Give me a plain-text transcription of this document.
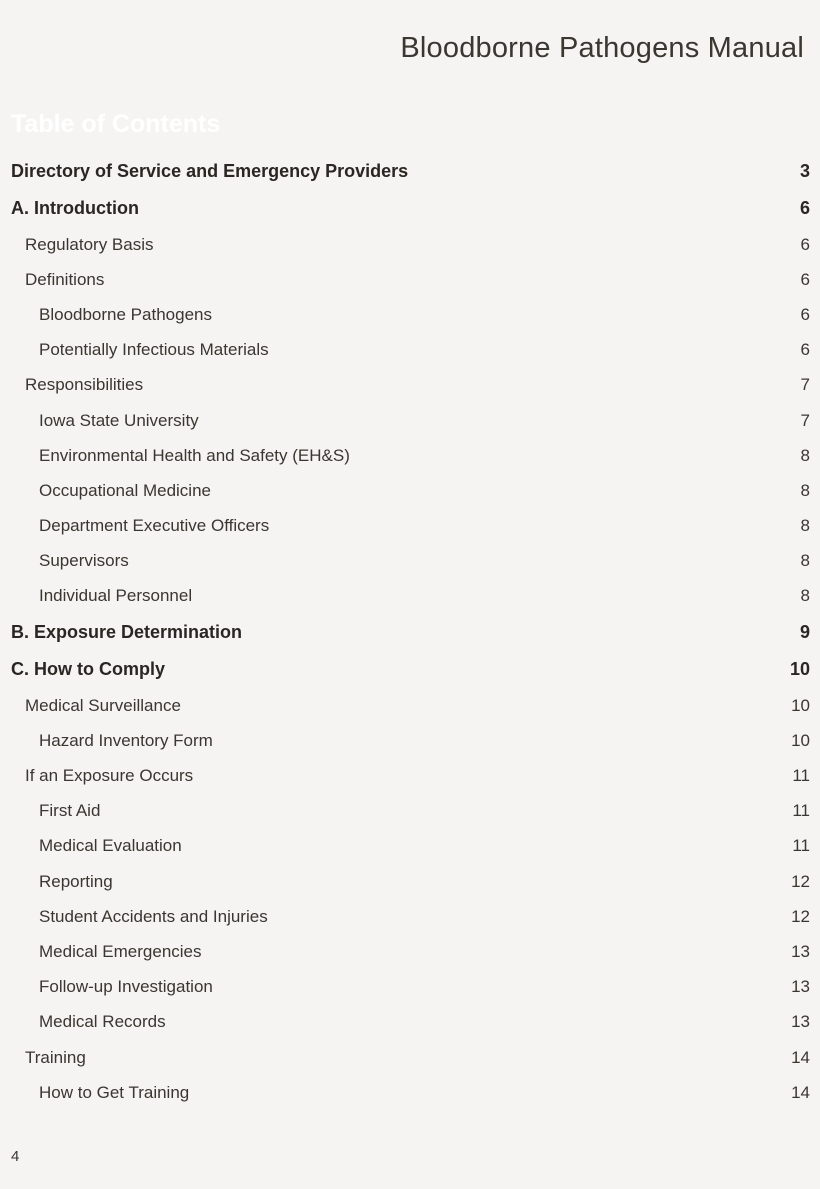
Bloodborne Pathogens Manual
Table of Contents
Directory of Service and Emergency Providers	3
A. Introduction	6
Regulatory Basis	6
Definitions	6
Bloodborne Pathogens	6
Potentially Infectious Materials	6
Responsibilities	7
Iowa State University	7
Environmental Health and Safety (EH&S)	8
Occupational Medicine	8
Department Executive Officers	8
Supervisors	8
Individual Personnel	8
B. Exposure Determination	9
C. How to Comply	10
Medical Surveillance	10
Hazard Inventory Form	10
If an Exposure Occurs	11
First Aid	11
Medical Evaluation	11
Reporting	12
Student Accidents and Injuries	12
Medical Emergencies	13
Follow-up Investigation	13
Medical Records	13
Training	14
How to Get Training	14
4
